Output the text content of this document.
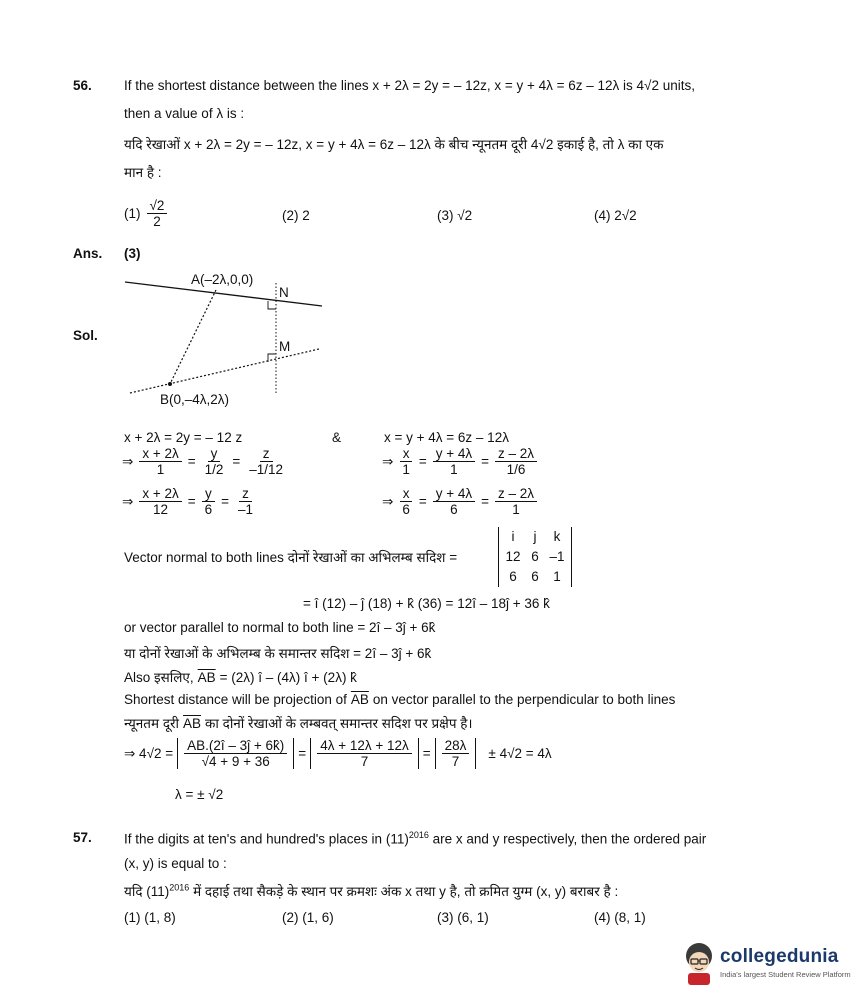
56. If the shortest distance between the lines x + 2λ = 2y = – 12z, x = y + 4λ = 6z – 12λ is 4√2 units,
then a value of λ is :
यदि रेखाओं x + 2λ = 2y = – 12z, x = y + 4λ = 6z – 12λ के बीच न्यूनतम दूरी 4√2 इकाई है, तो λ का एक
मान है :
$(1) \frac{√2}{2}$	(2) 2	(3) √2	(4) 2√2
Ans. (3)
Sol.
A(–2λ,0,0)
N
M
B(0,–4λ,2λ)
x + 2λ = 2y = – 12 z	&	x = y + 4λ = 6z – 12λ
⇒ $\frac{x + 2\lambda}{1} = \frac{y}{1/2} = \frac{z}{-1/12}$	⇒ $\frac{x}{1} = \frac{y + 4\lambda}{1} = \frac{z - 2\lambda}{1/6}$
⇒ $\frac{x + 2\lambda}{12} = \frac{y}{6} = \frac{z}{-1}$	⇒ $\frac{x}{6} = \frac{y + 4\lambda}{6} = \frac{z - 2\lambda}{1}$
Vector normal to both lines दोनों रेखाओं का अभिलम्ब सदिश =
i	j	k
12 6 –1
6	6	1
= î (12) – ĵ (18) + k̂ (36) = 12î – 18ĵ + 36 k̂
or vector parallel to normal to both line = 2î – 3ĵ + 6k̂
या दोनों रेखाओं के अभिलम्ब के समान्तर सदिश = 2î – 3ĵ + 6k̂
Also इसलिए, $\overline{AB} = (2\lambda)$ î – (4λ) î + (2λ) k̂
Shortest distance will be projection of $\overline{AB}$ on vector parallel to the perpendicular to both lines
न्यूनतम दूरी $\overline{AB}$ का दोनों रेखाओं के लम्बवत् समान्तर सदिश पर प्रक्षेप है।
⇒ $4√2 = \frac{AB.(2î - 3ĵ + 6k̂)}{√4 + 9 + 36} = \frac{4\lambda + 12\lambda + 12\lambda}{7} = \frac{28\lambda}{7} \pm 4√2 = 4\lambda$
λ = ± √2
57. If the digits at ten's and hundred's places in $(11)^{2016}$ are x and y respectively, then the ordered pair
(x, y) is equal to :
यदि $(11)^{2016}$ में दहाई तथा सैकड़े के स्थान पर क्रमशः अंक x तथा y है, तो क्रमित युग्म (x, y) बराबर है :
(1) (1, 8)	(2) (1, 6)	(3) (6, 1)	(4) (8, 1)
collegedunia
India's largest Student Review Platform
